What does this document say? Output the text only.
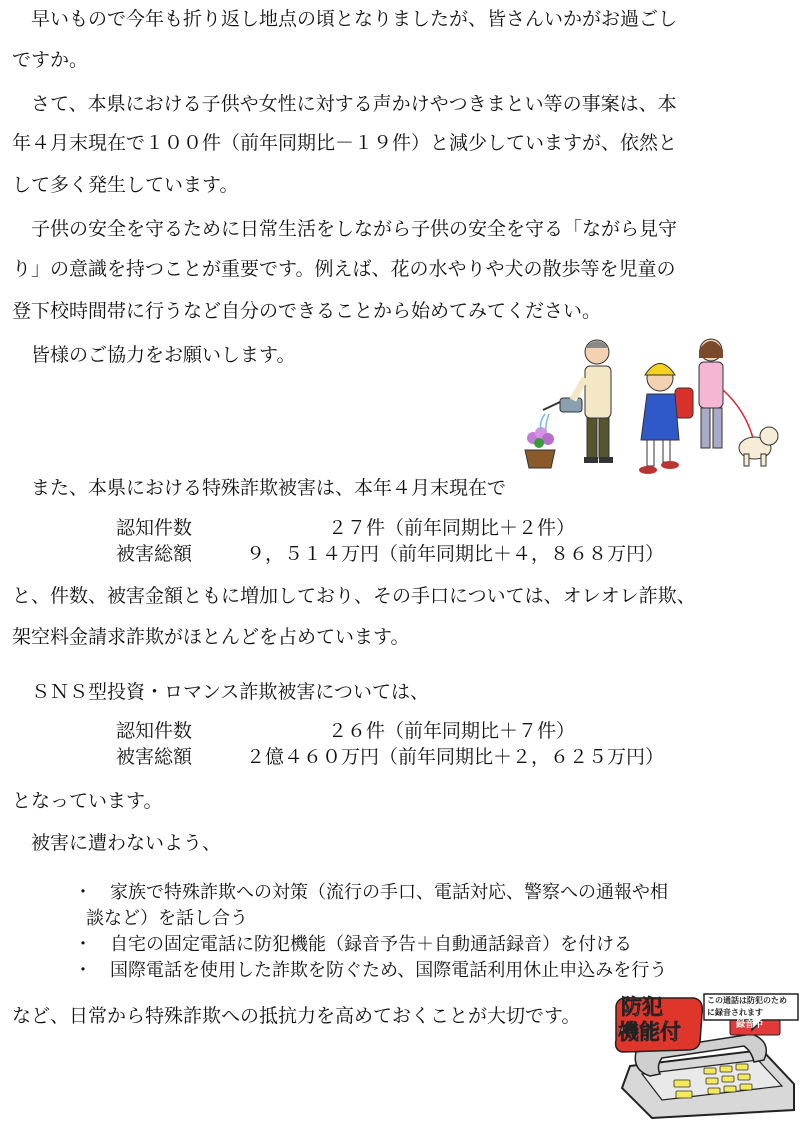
　早いもので今年も折り返し地点の頃となりましたが、皆さんいかがお過ごし
ですか。
　さて、本県における子供や女性に対する声かけやつきまとい等の事案は、本
年４月末現在で１００件（前年同期比－１９件）と減少していますが、依然と
して多く発生しています。
　子供の安全を守るために日常生活をしながら子供の安全を守る「ながら見守
り」の意識を持つことが重要です。例えば、花の水やりや犬の散歩等を児童の
登下校時間帯に行うなど自分のできることから始めてみてください。
　皆様のご協力をお願いします。
　また、本県における特殊詐欺被害は、本年４月末現在で
認知件数	２７件（前年同期比＋２件）
被害総額	９，５１４万円（前年同期比＋４，８６８万円）
と、件数、被害金額ともに増加しており、その手口については、オレオレ詐欺、
架空料金請求詐欺がほとんどを占めています。
　ＳＮＳ型投資・ロマンス詐欺被害については、
認知件数	２６件（前年同期比＋７件）
被害総額	２億４６０万円（前年同期比＋２，６２５万円）
となっています。
　被害に遭わないよう、
・　家族で特殊詐欺への対策（流行の手口、電話対応、警察への通報や相
談など）を話し合う
・　自宅の固定電話に防犯機能（録音予告＋自動通話録音）を付ける
・　国際電話を使用した詐欺を防ぐため、国際電話利用休止申込みを行う
など、日常から特殊詐欺への抵抗力を高めておくことが大切です。 防犯
機能付
この通話は防犯のため
に録音されます
録音中
